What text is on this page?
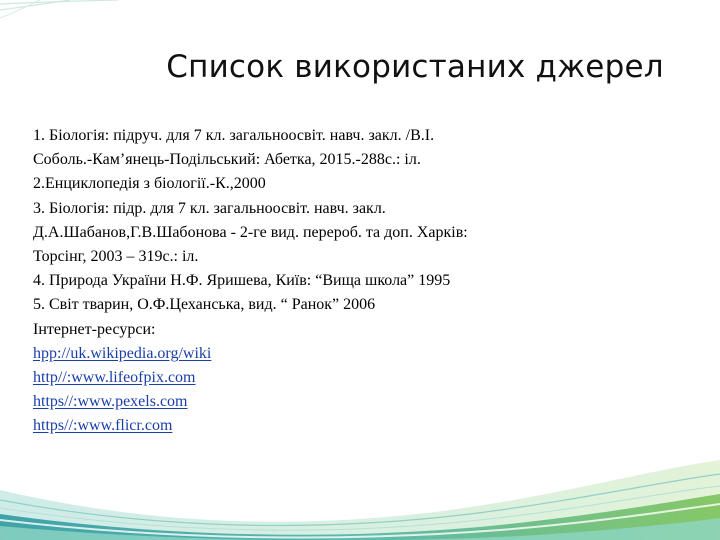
Список використаних джерел
1. Біологія: підруч. для 7 кл. загальноосвіт. навч. закл. /В.І.
Соболь.-Кам’янець-Подільський: Абетка, 2015.-288с.: іл.
2.Енциклопедія з біології.-К.,2000
3. Біологія: підр. для 7 кл. загальноосвіт. навч. закл.
Д.А.Шабанов,Г.В.Шабонова - 2-ге вид. перероб. та доп. Харків:
Торсінг, 2003 – 319с.: іл.
4. Природа України Н.Ф. Яришева, Київ: “Вища школа” 1995
5. Світ тварин, О.Ф.Цеханська, вид. “ Ранок” 2006
Інтернет-ресурси:
hpp://uk.wikipedia.org/wiki
http//:www.lifeofpix.com
https//:www.pexels.com
https//:www.flicr.com
